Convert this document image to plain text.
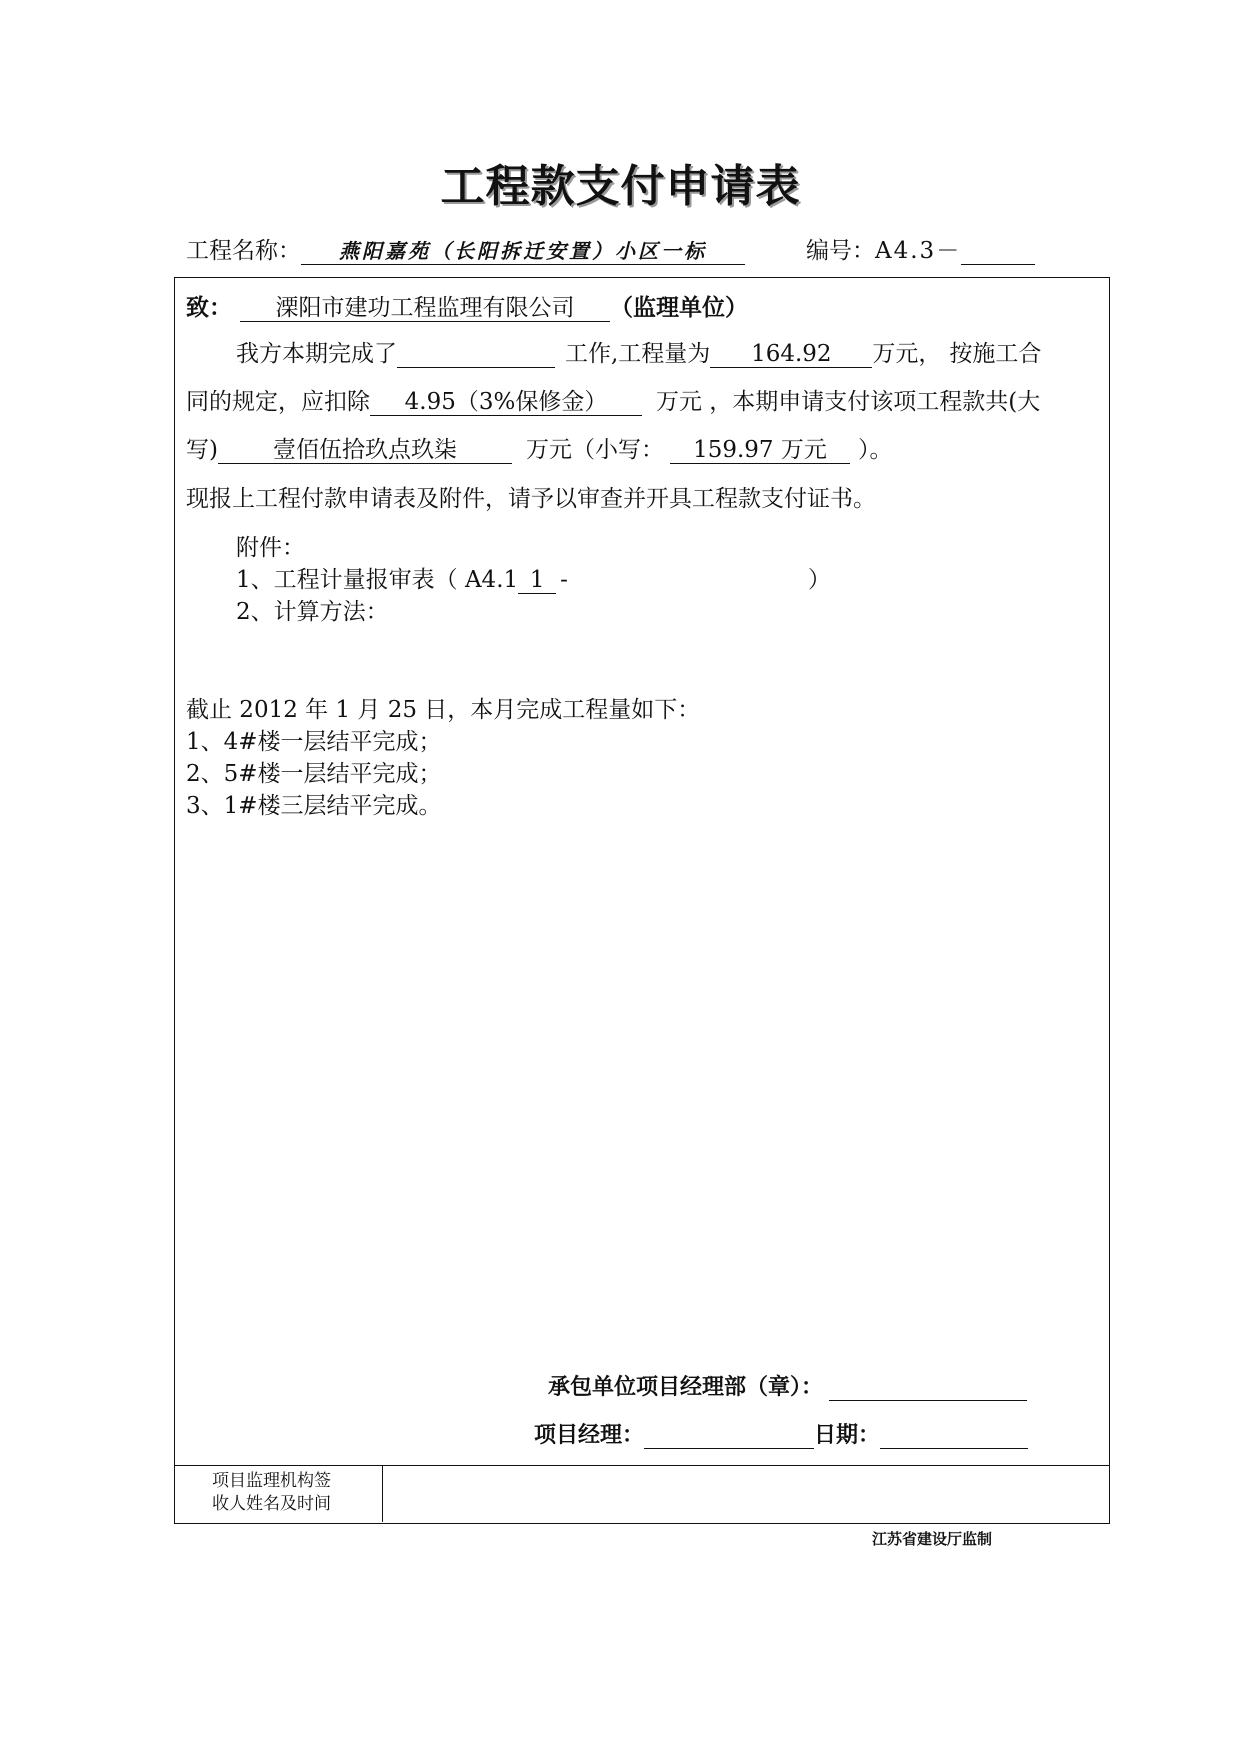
工程款支付申请表
工程名称： 燕阳嘉苑（长阳拆迁安置）小区一标	编号：A4.3－
致： 溧阳市建功工程监理有限公司 （监理单位）
我方本期完成了	工作,工程量为 164.92 万元， 按施工合
同的规定，应扣除 4.95（3%保修金） 万元 ，本期申请支付该项工程款共(大
写) 壹佰伍拾玖点玖柒	万元（小写： 159.97 万元 ）。
现报上工程付款申请表及附件，请予以审查并开具工程款支付证书。
附件：
1、工程计量报审表（ A4.1 1 -	）
2、计算方法：
截止 2012 年 1 月 25 日，本月完成工程量如下：
1、4#楼一层结平完成；
2、5#楼一层结平完成；
3、1#楼三层结平完成。
承包单位项目经理部（章）：
项目经理：	日期：
项目监理机构签
收人姓名及时间
江苏省建设厅监制
